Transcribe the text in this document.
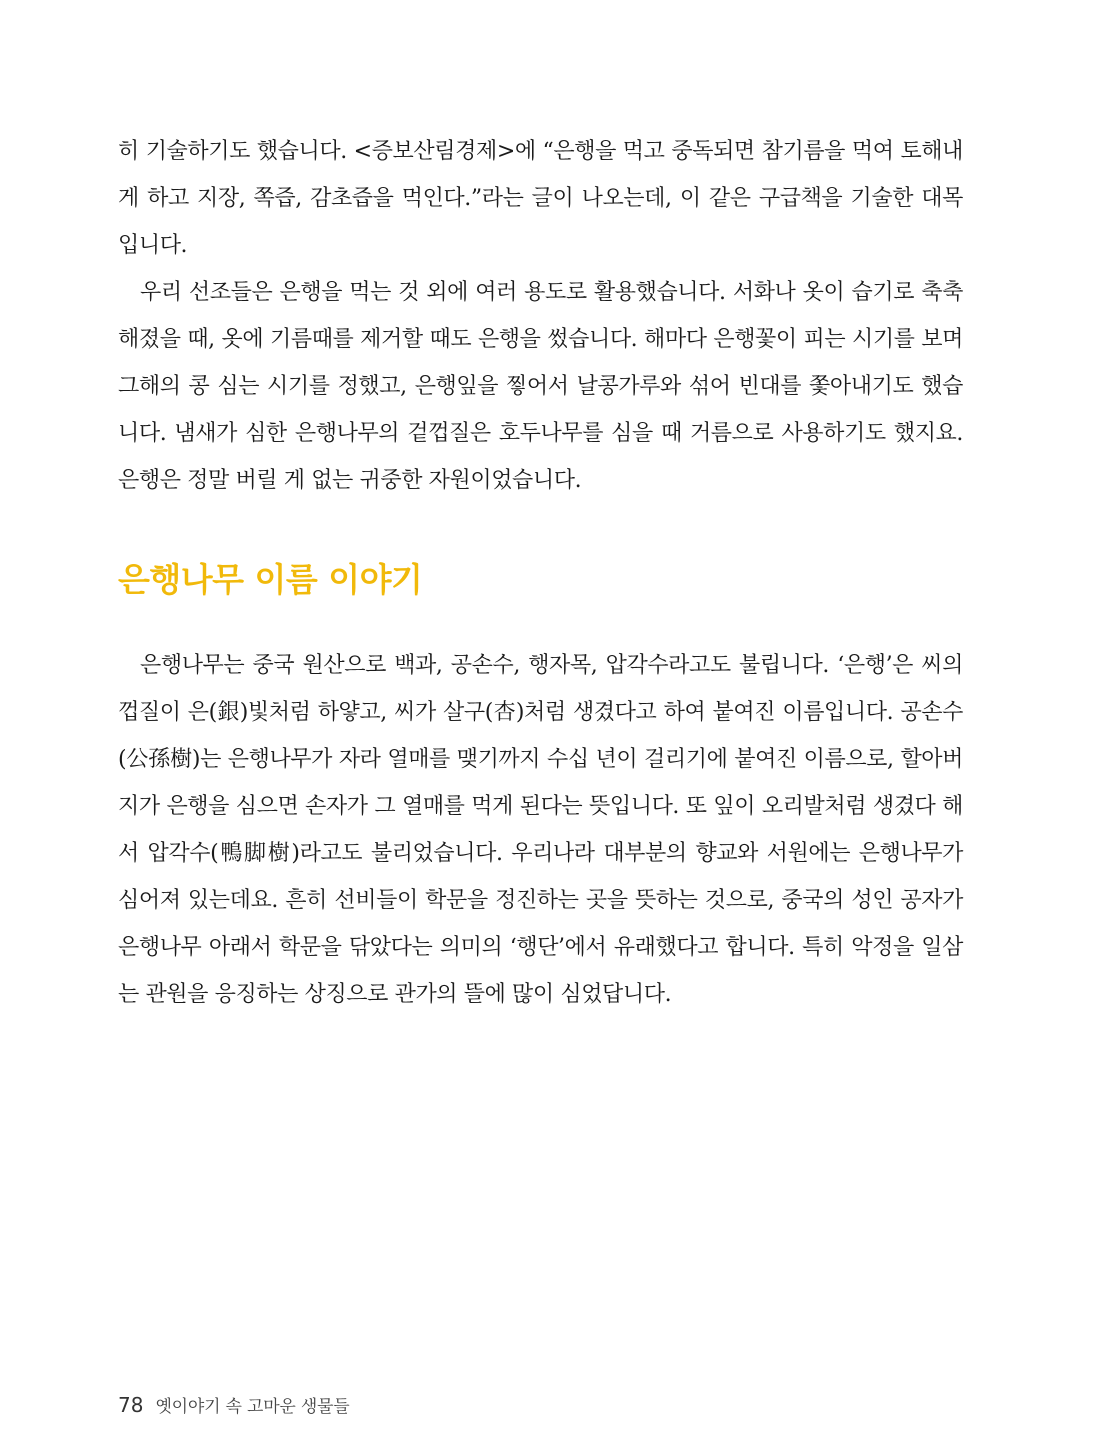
히 기술하기도 했습니다. <증보산림경제>에 “은행을 먹고 중독되면 참기름을 먹여 토해내게 하고 지장, 쪽즙, 감초즙을 먹인다.”라는 글이 나오는데, 이 같은 구급책을 기술한 대목입니다.

우리 선조들은 은행을 먹는 것 외에 여러 용도로 활용했습니다. 서화나 옷이 습기로 축축해졌을 때, 옷에 기름때를 제거할 때도 은행을 썼습니다. 해마다 은행꽃이 피는 시기를 보며 그해의 콩 심는 시기를 정했고, 은행잎을 찧어서 날콩가루와 섞어 빈대를 쫓아내기도 했습니다. 냄새가 심한 은행나무의 겉껍질은 호두나무를 심을 때 거름으로 사용하기도 했지요. 은행은 정말 버릴 게 없는 귀중한 자원이었습니다.

은행나무 이름 이야기

은행나무는 중국 원산으로 백과, 공손수, 행자목, 압각수라고도 불립니다. ‘은행’은 씨의 껍질이 은(銀)빛처럼 하얗고, 씨가 살구(杏)처럼 생겼다고 하여 붙여진 이름입니다. 공손수(公孫樹)는 은행나무가 자라 열매를 맺기까지 수십 년이 걸리기에 붙여진 이름으로, 할아버지가 은행을 심으면 손자가 그 열매를 먹게 된다는 뜻입니다. 또 잎이 오리발처럼 생겼다 해서 압각수(鴨脚樹)라고도 불리었습니다. 우리나라 대부분의 향교와 서원에는 은행나무가 심어져 있는데요. 흔히 선비들이 학문을 정진하는 곳을 뜻하는 것으로, 중국의 성인 공자가 은행나무 아래서 학문을 닦았다는 의미의 ‘행단’에서 유래했다고 합니다. 특히 악정을 일삼는 관원을 응징하는 상징으로 관가의 뜰에 많이 심었답니다.

78 옛이야기 속 고마운 생물들
